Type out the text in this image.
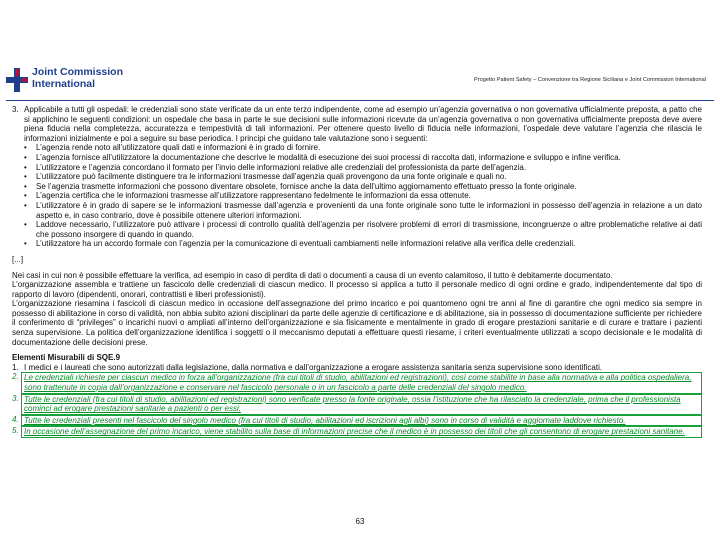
Joint Commission
International	Progetto Patient Safety – Convenzione tra Regione Siciliana e Joint Commission International
3. Applicabile a tutti gli ospedali: le credenziali sono state verificate da un ente terzo indipendente, come ad esempio un’agenzia governativa o non governativa ufficialmente preposta, a patto che si applichino le seguenti condizioni: un ospedale che basa in parte le sue decisioni sulle informazioni ricevute da un’agenzia governativa o non governativa ufficialmente preposta deve avere piena fiducia nella completezza, accuratezza e tempestività di tali informazioni. Per ottenere questo livello di fiducia nelle informazioni, l’ospedale deve valutare l’agenzia che rilascia le informazioni inizialmente e poi a seguire su base periodica. I principi che guidano tale valutazione sono i seguenti:
• L’agenzia rende noto all’utilizzatore quali dati e informazioni è in grado di fornire.
• L’agenzia fornisce all’utilizzatore la documentazione che descrive le modalità di esecuzione dei suoi processi di raccolta dati, informazione e sviluppo e infine verifica.
• L’utilizzatore e l’agenzia concordano il formato per l’invio delle informazioni relative alle credenziali del professionista da parte dell’agenzia.
• L’utilizzatore può facilmente distinguere tra le informazioni trasmesse dall’agenzia quali provengono da una fonte originale e quali no.
• Se l’agenzia trasmette informazioni che possono diventare obsolete, fornisce anche la data dell’ultimo aggiornamento effettuato presso la fonte originale.
• L’agenzia certifica che le informazioni trasmesse all’utilizzatore rappresentano fedelmente le informazioni da essa ottenute.
• L’utilizzatore è in grado di sapere se le informazioni trasmesse dall’agenzia e provenienti da una fonte originale sono tutte le informazioni in possesso dell’agenzia in relazione a un dato aspetto e, in caso contrario, dove è possibile ottenere ulteriori informazioni.
• Laddove necessario, l’utilizzatore può attivare i processi di controllo qualità dell’agenzia per risolvere problemi di errori di trasmissione, incongruenze o altre problematiche relative ai dati che possono insorgere di quando in quando.
• L’utilizzatore ha un accordo formale con l’agenzia per la comunicazione di eventuali cambiamenti nelle informazioni relative alla verifica delle credenziali.

[...]

Nei casi in cui non è possibile effettuare la verifica, ad esempio in caso di perdita di dati o documenti a causa di un evento calamitoso, il tutto è debitamente documentato.

L’organizzazione assembla e trattiene un fascicolo delle credenziali di ciascun medico. Il processo si applica a tutto il personale medico di ogni ordine e grado, indipendentemente dal tipo di rapporto di lavoro (dipendenti, onorari, contrattisti e liberi professionisti).

L’organizzazione riesamina i fascicoli di ciascun medico in occasione dell’assegnazione del primo incarico e poi quantomeno ogni tre anni al fine di garantire che ogni medico sia sempre in possesso di abilitazione in corso di validità, non abbia subito azioni disciplinari da parte delle agenzie di certificazione e di abilitazione, sia in possesso di documentazione sufficiente per richiedere il conferimento di “privileges” o incarichi nuovi o ampliati all’interno dell’organizzazione e sia fisicamente e mentalmente in grado di erogare prestazioni sanitarie e di curare e trattare i pazienti senza supervisione. La politica dell’organizzazione identifica i soggetti o il meccanismo deputati a effettuare questi riesame, i criteri eventualmente utilizzati a scopo decisionale e le modalità di documentazione delle decisioni prese.

Elementi Misurabili di SQE.9

1. I medici e i laureati che sono autorizzati dalla legislazione, dalla normativa e dall’organizzazione a erogare assistenza sanitaria senza supervisione sono identificati.
2. Le credenziali richieste per ciascun medico in forza all’organizzazione (fra cui titoli di studio, abilitazioni ed registrazioni), così come stabilite in base alla normativa e alla politica ospedaliera, sono trattenute in copia dall’organizzazione e conservare nel fascicolo personale o in un fascicolo a parte delle credenziali del singolo medico.
3. Tutte le credenziali (fra cui titoli di studio, abilitazioni ed registrazioni) sono verificate presso la fonte originale, ossia l’istituzione che ha rilasciato la credenziale, prima che il professionista cominci ad erogare prestazioni sanitarie a pazienti o per essi.
4. Tutte le credenziali presenti nel fascicolo del singolo medico (fra cui titoli di studio, abilitazioni ed iscrizioni agli albi) sono in corso di validità e aggiornate laddove richiesto.
5. In occasione dell’assegnazione del primo incarico, viene stabilito sulla base di informazioni precise che il medico è in possesso dei titoli che gli consentono di erogare prestazioni sanitane.
63
